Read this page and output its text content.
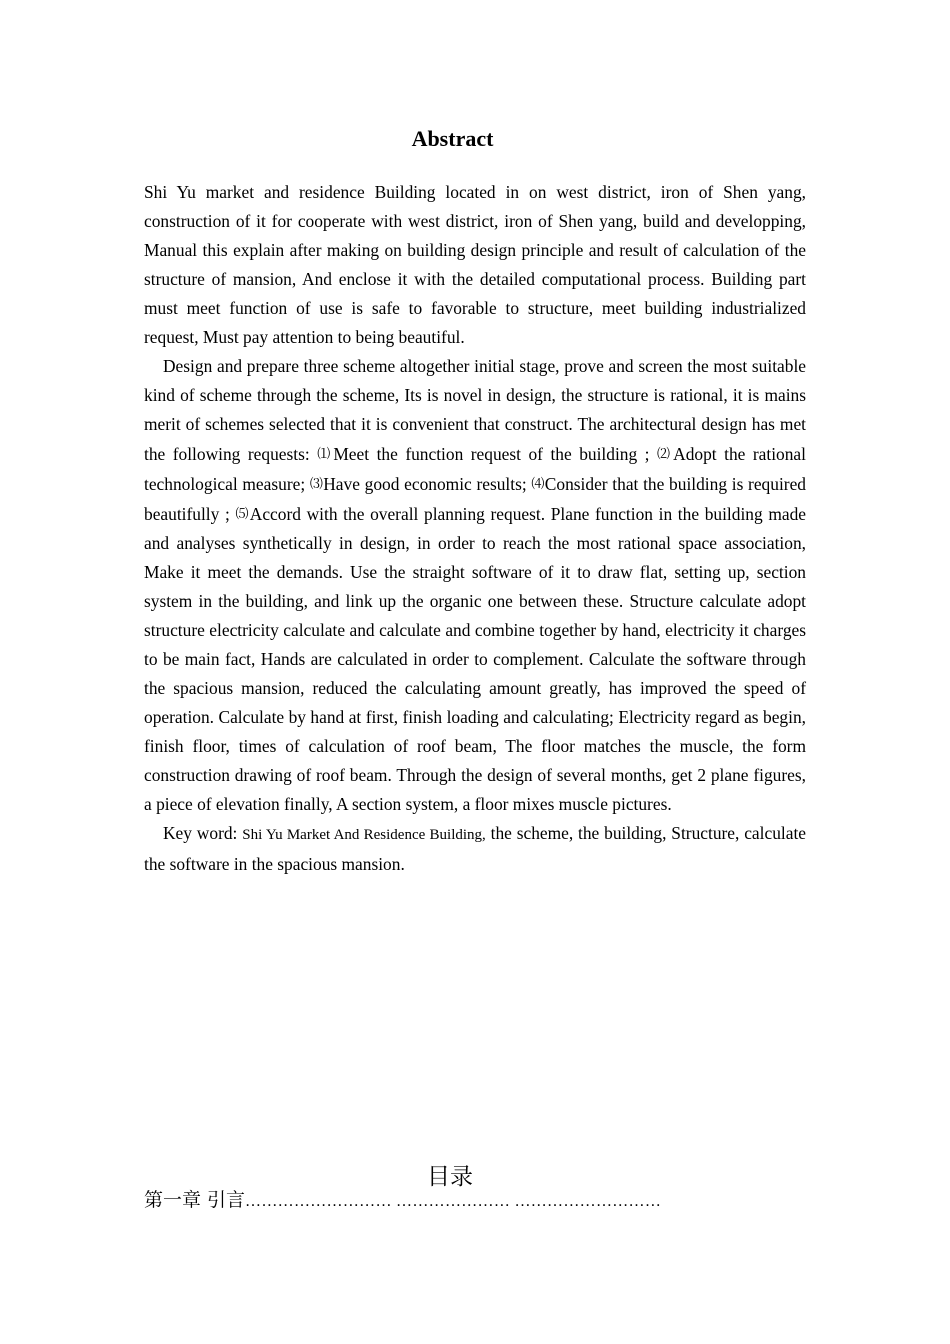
Abstract

Shi Yu market and residence Building located in on west district, iron of Shen yang, construction of it for cooperate with west district, iron of Shen yang, build and developping, Manual this explain after making on building design principle and result of calculation of the structure of mansion, And enclose it with the detailed computational process. Building part must meet function of use is safe to favorable to structure, meet building industrialized request, Must pay attention to being beautiful.

Design and prepare three scheme altogether initial stage, prove and screen the most suitable kind of scheme through the scheme, Its is novel in design, the structure is rational, it is mains merit of schemes selected that it is convenient that construct. The architectural design has met the following requests: ⑴Meet the function request of the building ; ⑵Adopt the rational technological measure; ⑶Have good economic results; ⑷Consider that the building is required beautifully ; ⑸Accord with the overall planning request. Plane function in the building made and analyses synthetically in design, in order to reach the most rational space association, Make it meet the demands. Use the straight software of it to draw flat, setting up, section system in the building, and link up the organic one between these. Structure calculate adopt structure electricity calculate and calculate and combine together by hand, electricity it charges to be main fact, Hands are calculated in order to complement. Calculate the software through the spacious mansion, reduced the calculating amount greatly, has improved the speed of operation. Calculate by hand at first, finish loading and calculating; Electricity regard as begin, finish floor, times of calculation of roof beam, The floor matches the muscle, the form construction drawing of roof beam. Through the design of several months, get 2 plane figures, a piece of elevation finally, A section system, a floor mixes muscle pictures.

Key word: Shi Yu Market And Residence Building, the scheme, the building, Structure, calculate the software in the spacious mansion.

目录
第一章 引言……………………… ………………… ………………………
